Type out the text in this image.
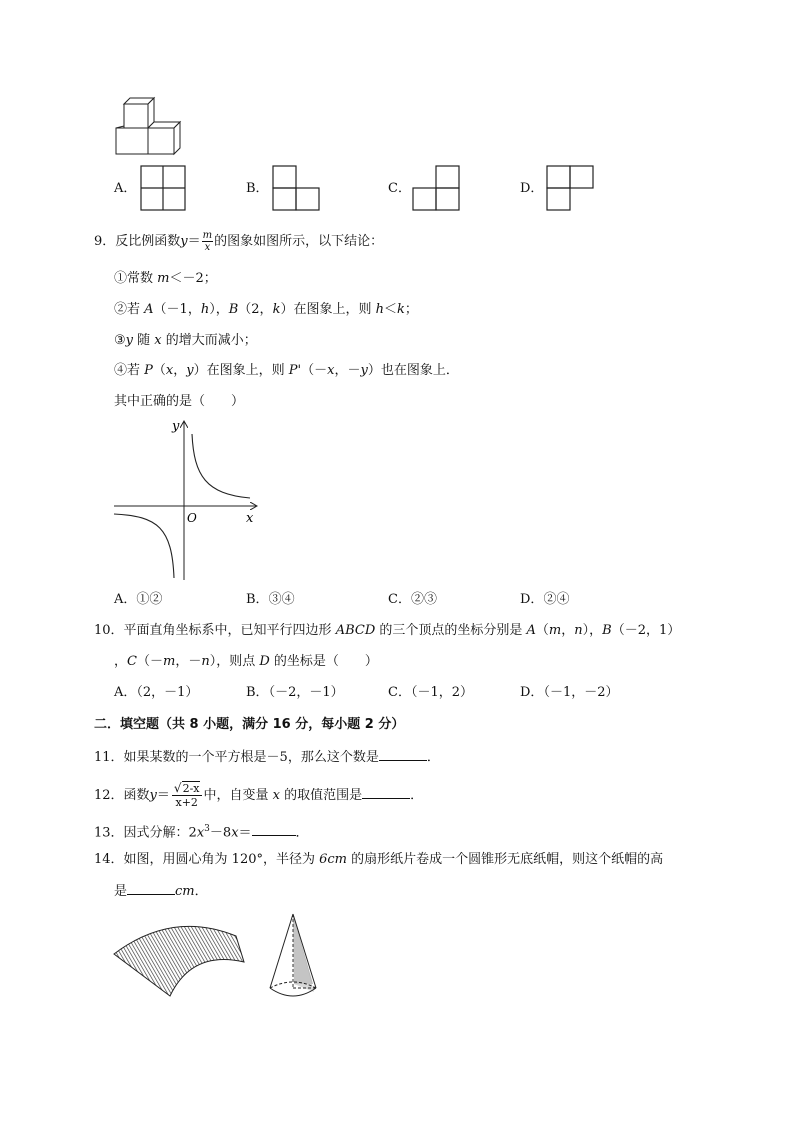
A．	B．	C．	D．
9．反比例函数$y= \frac{m}{x}$ 的图象如图所示，以下结论：
①常数 m＜－2；
②若 A（－1，h），B（2，k）在图象上，则 h＜k；
③y 随 x 的增大而减小；
④若 P（x，y）在图象上，则 P'（－x，－y）也在图象上．
其中正确的是（　　）
y
x
O
A．①②	B．③④	C．②③	D．②④
10．平面直角坐标系中，已知平行四边形 ABCD 的三个顶点的坐标分别是 A（m，n），B（－2，1）
，C（－m，－n），则点 D 的坐标是（　　）
A．（2，－1）	B．（－2，－1）	C．（－1，2）	D．（－1，－2）
二．填空题（共 8 小题，满分 16 分，每小题 2 分）
11．如果某数的一个平方根是－5，那么这个数是	．
12．函数$y= \frac{√2-x}{x+2}$ 中，自变量 x 的取值范围是	．
13．因式分解：$2x^3-8x=$	．
14．如图，用圆心角为 120°，半径为 6cm 的扇形纸片卷成一个圆锥形无底纸帽，则这个纸帽的高
是	cm．
